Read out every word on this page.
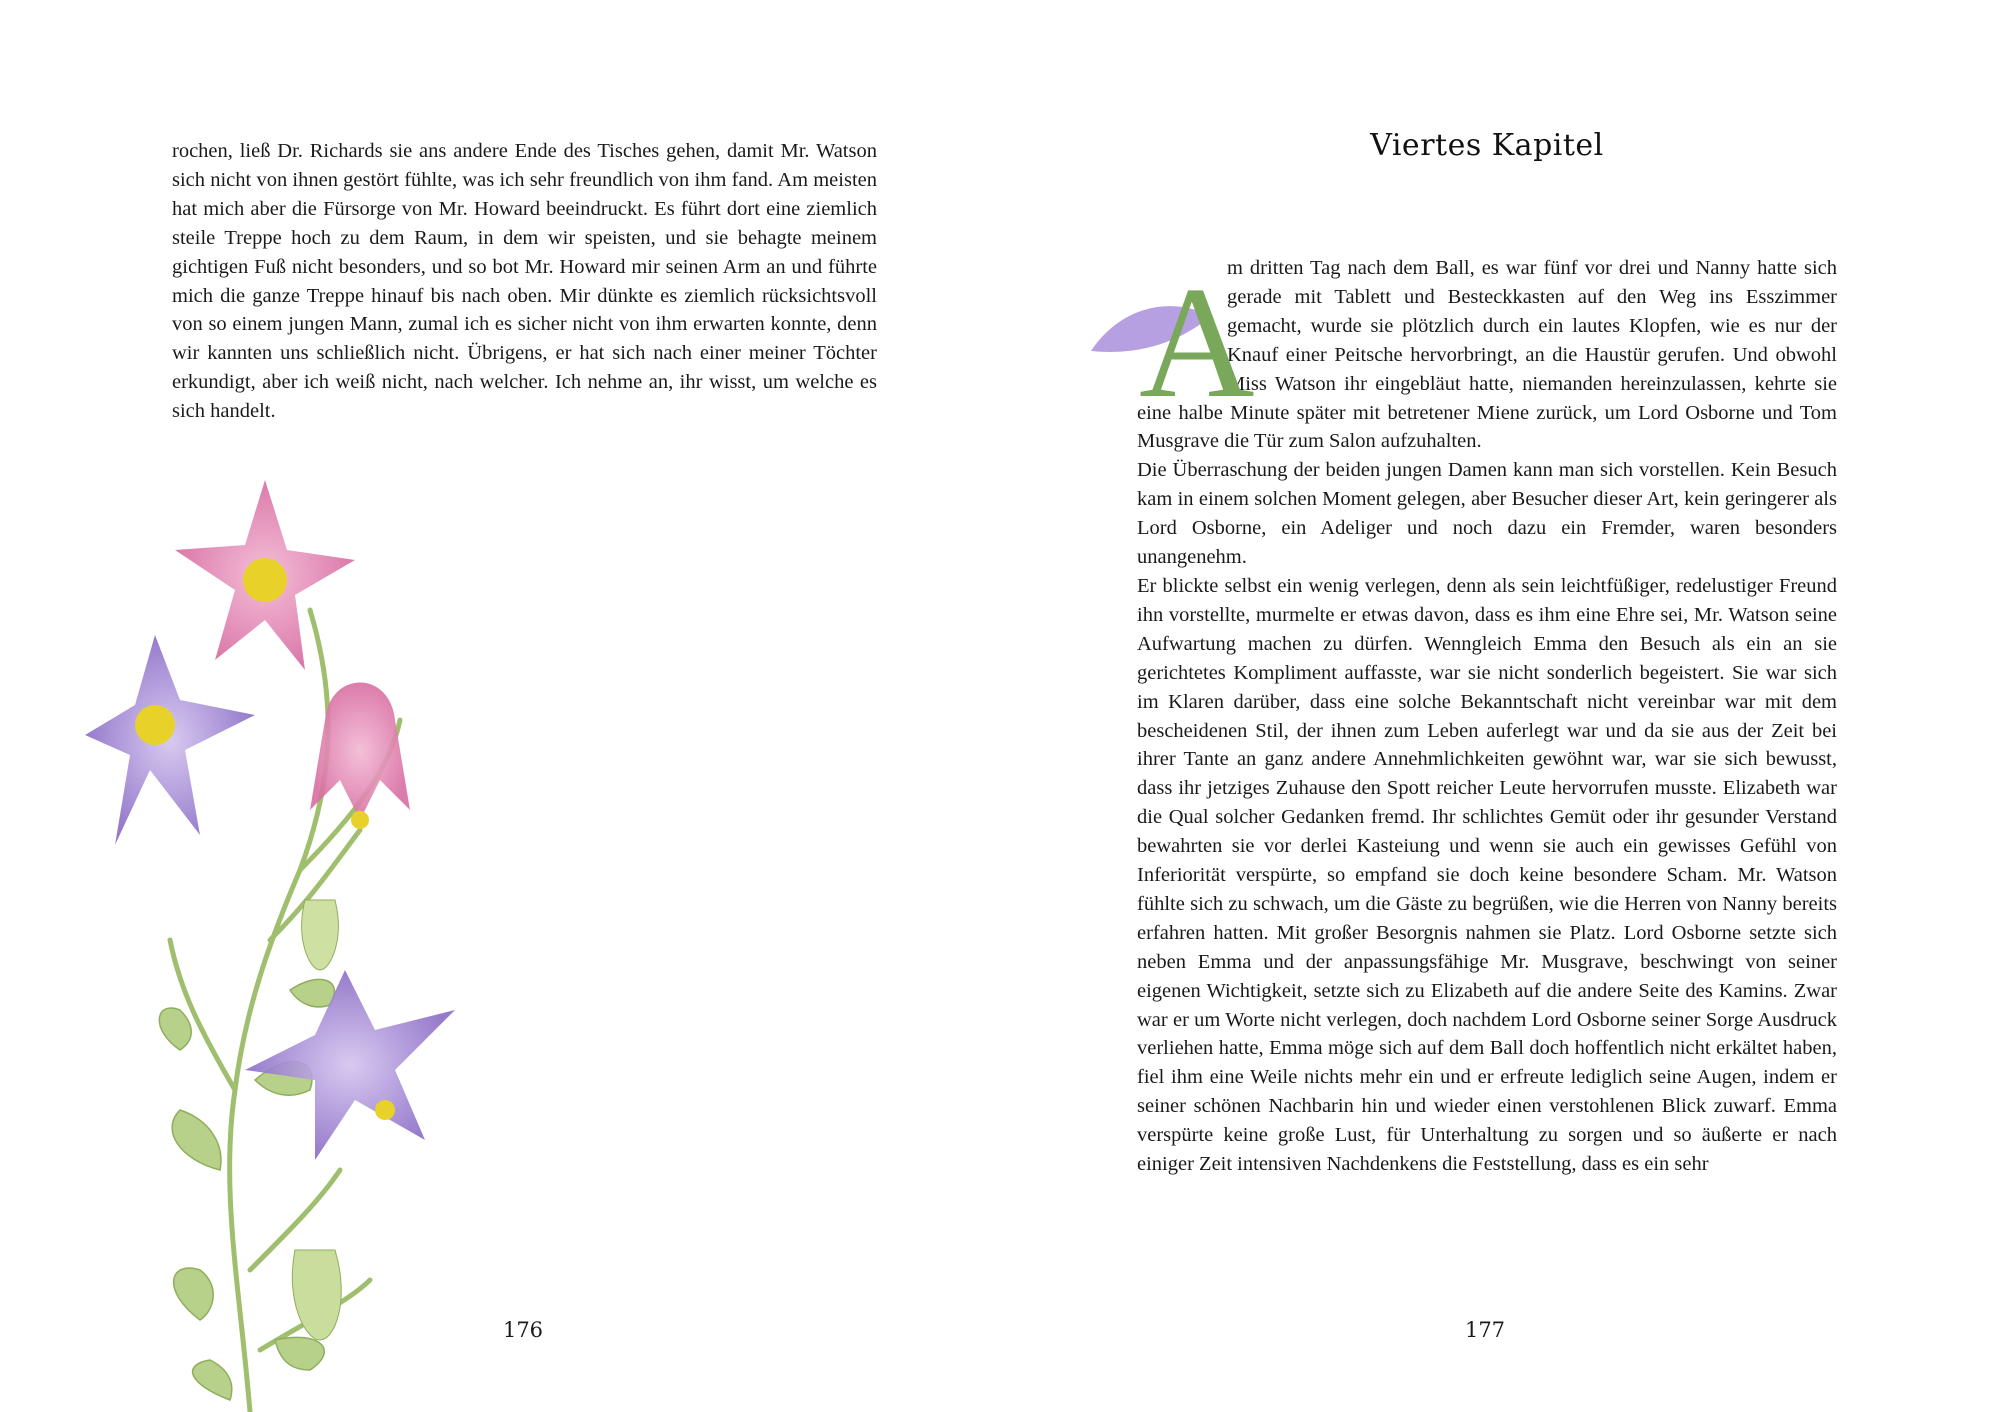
rochen, ließ Dr. Richards sie ans andere Ende des Tisches gehen, damit Mr. Watson sich nicht von ihnen gestört fühlte, was ich sehr freundlich von ihm fand. Am meisten hat mich aber die Fürsorge von Mr. Howard beeindruckt. Es führt dort eine ziemlich steile Treppe hoch zu dem Raum, in dem wir speisten, und sie behagte meinem gichtigen Fuß nicht besonders, und so bot Mr. Howard mir seinen Arm an und führte mich die ganze Treppe hinauf bis nach oben. Mir dünkte es ziemlich rücksichtsvoll von so einem jungen Mann, zumal ich es sicher nicht von ihm erwarten konnte, denn wir kannten uns schließlich nicht. Übrigens, er hat sich nach einer meiner Töchter erkundigt, aber ich weiß nicht, nach welcher. Ich nehme an, ihr wisst, um welche es sich handelt.

176
Viertes Kapitel

A
m dritten Tag nach dem Ball, es war fünf vor drei und Nanny hatte sich gerade mit Tablett und Besteckkasten auf den Weg ins Esszimmer gemacht, wurde sie plötzlich durch ein lautes Klopfen, wie es nur der Knauf einer Peitsche hervorbringt, an die Haustür gerufen. Und obwohl Miss Watson ihr eingebläut hatte, niemanden hereinzulassen, kehrte sie eine halbe Minute später mit betretener Miene zurück, um Lord Osborne und Tom Musgrave die Tür zum Salon aufzuhalten.

Die Überraschung der beiden jungen Damen kann man sich vorstellen. Kein Besuch kam in einem solchen Moment gelegen, aber Besucher dieser Art, kein geringerer als Lord Osborne, ein Adeliger und noch dazu ein Fremder, waren besonders unangenehm.

Er blickte selbst ein wenig verlegen, denn als sein leichtfüßiger, redelustiger Freund ihn vorstellte, murmelte er etwas davon, dass es ihm eine Ehre sei, Mr. Watson seine Aufwartung machen zu dürfen. Wenngleich Emma den Besuch als ein an sie gerichtetes Kompliment auffasste, war sie nicht sonderlich begeistert. Sie war sich im Klaren darüber, dass eine solche Bekanntschaft nicht vereinbar war mit dem bescheidenen Stil, der ihnen zum Leben auferlegt war und da sie aus der Zeit bei ihrer Tante an ganz andere Annehmlichkeiten gewöhnt war, war sie sich bewusst, dass ihr jetziges Zuhause den Spott reicher Leute hervorrufen musste. Elizabeth war die Qual solcher Gedanken fremd. Ihr schlichtes Gemüt oder ihr gesunder Verstand bewahrten sie vor derlei Kasteiung und wenn sie auch ein gewisses Gefühl von Inferiorität verspürte, so empfand sie doch keine besondere Scham. Mr. Watson fühlte sich zu schwach, um die Gäste zu begrüßen, wie die Herren von Nanny bereits erfahren hatten. Mit großer Besorgnis nahmen sie Platz. Lord Osborne setzte sich neben Emma und der anpassungsfähige Mr. Musgrave, beschwingt von seiner eigenen Wichtigkeit, setzte sich zu Elizabeth auf die andere Seite des Kamins. Zwar war er um Worte nicht verlegen, doch nachdem Lord Osborne seiner Sorge Ausdruck verliehen hatte, Emma möge sich auf dem Ball doch hoffentlich nicht erkältet haben, fiel ihm eine Weile nichts mehr ein und er erfreute lediglich seine Augen, indem er seiner schönen Nachbarin hin und wieder einen verstohlenen Blick zuwarf. Emma verspürte keine große Lust, für Unterhaltung zu sorgen und so äußerte er nach einiger Zeit intensiven Nachdenkens die Feststellung, dass es ein sehr

177
